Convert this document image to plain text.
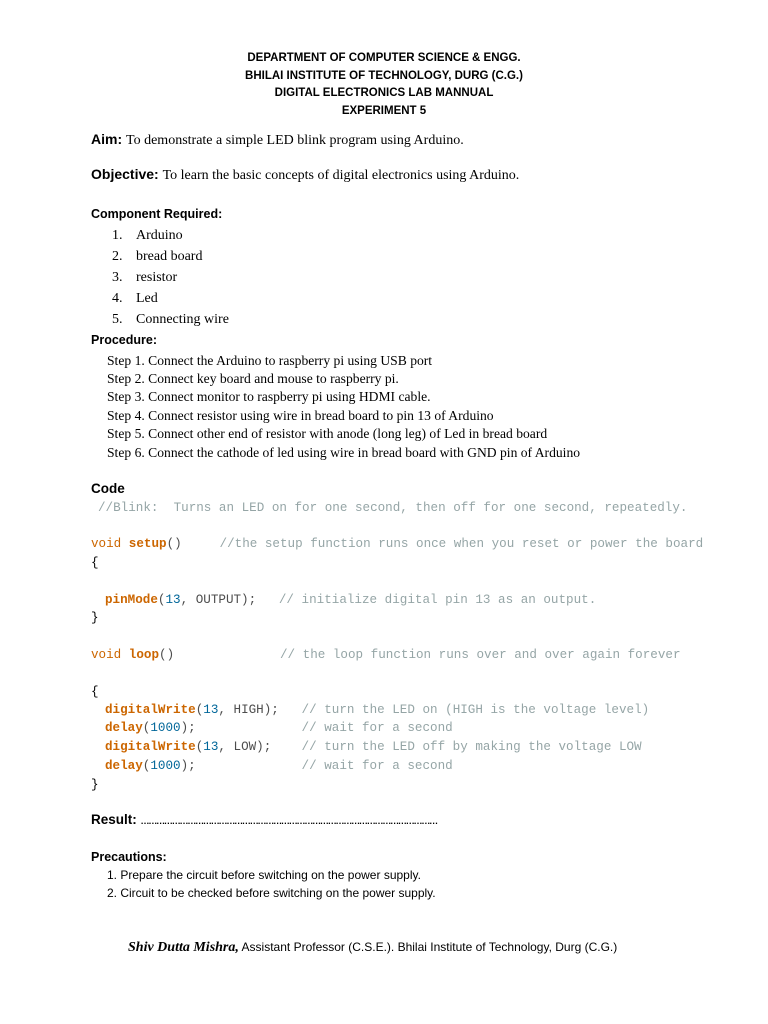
DEPARTMENT OF COMPUTER SCIENCE & ENGG.
BHILAI INSTITUTE OF TECHNOLOGY, DURG (C.G.)
DIGITAL ELECTRONICS LAB MANNUAL
EXPERIMENT 5
Aim: To demonstrate a simple LED blink program using Arduino.
Objective: To learn the basic concepts of digital electronics using Arduino.
Component Required:
1. Arduino
2. bread board
3. resistor
4. Led
5. Connecting wire
Procedure:
Step 1. Connect the Arduino to raspberry pi using USB port
Step 2. Connect key board and mouse to raspberry pi.
Step 3. Connect monitor to raspberry pi using HDMI cable.
Step 4. Connect resistor using wire in bread board to pin 13 of Arduino
Step 5. Connect other end of resistor with anode (long leg) of Led in bread board
Step 6. Connect the cathode of led using wire in bread board with GND pin of Arduino
Code
//Blink:  Turns an LED on for one second, then off for one second, repeatedly.
void setup()	//the setup function runs once when you reset or power the board
{
pinMode(13, OUTPUT); // initialize digital pin 13 as an output.
}
void loop()	// the loop function runs over and over again forever
{
digitalWrite(13, HIGH); // turn the LED on (HIGH is the voltage level)
delay(1000);	// wait for a second
digitalWrite(13, LOW); // turn the LED off by making the voltage LOW
delay(1000);	// wait for a second
}
Result: ……………………………………………………………………………………………………
Precautions:
1. Prepare the circuit before switching on the power supply.
2. Circuit to be checked before switching on the power supply.
Shiv Dutta Mishra, Assistant Professor (C.S.E.). Bhilai Institute of Technology, Durg (C.G.)
